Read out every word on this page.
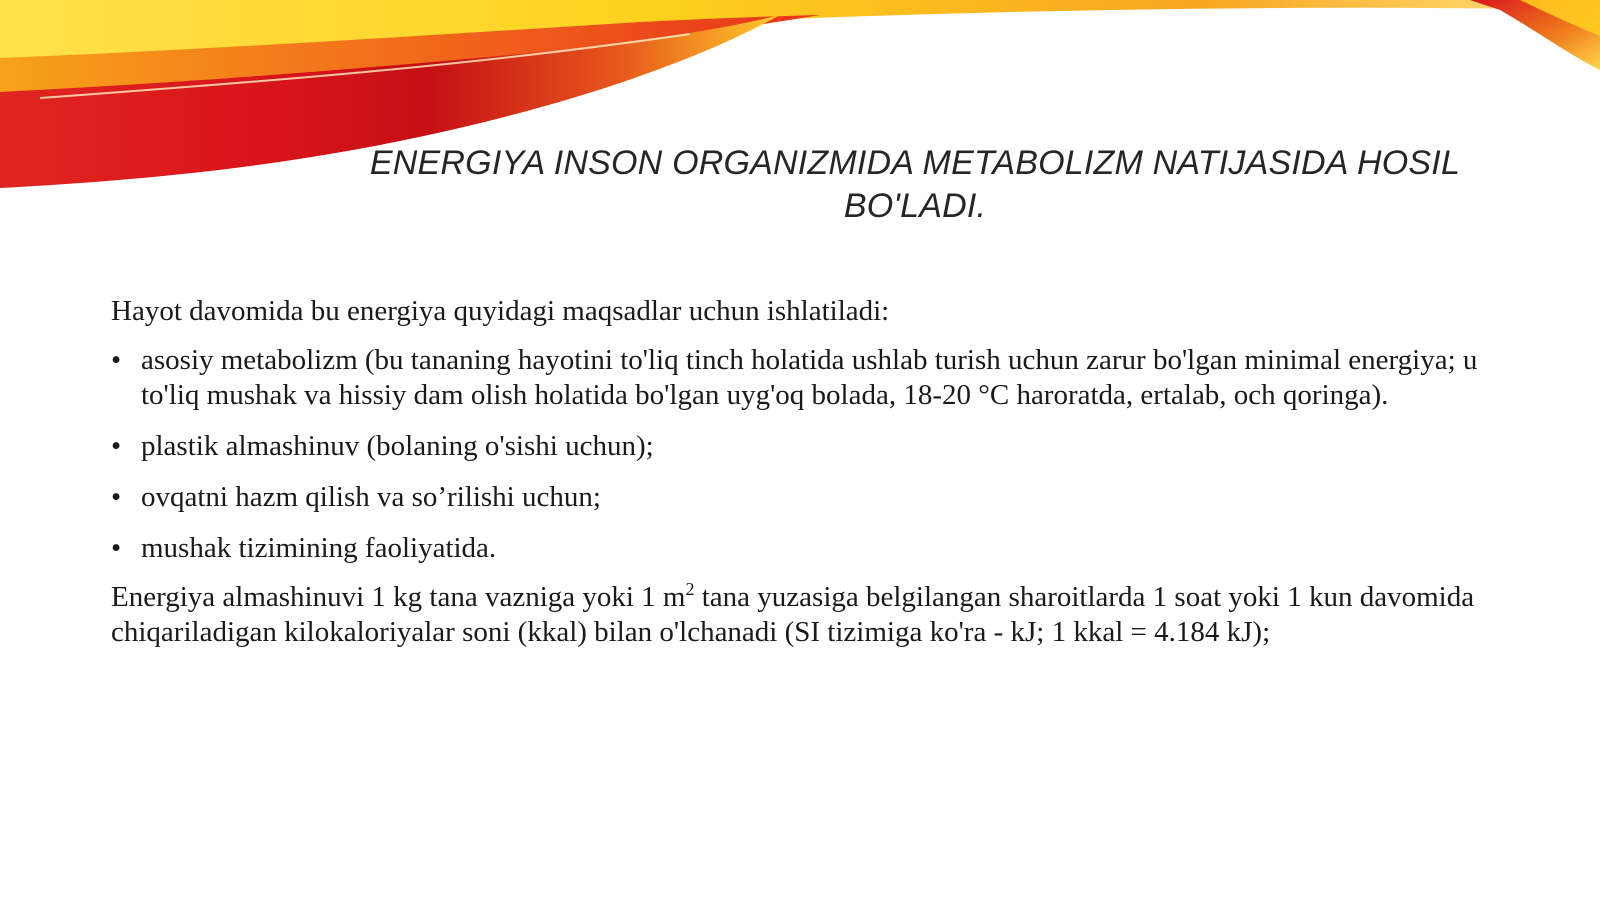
ENERGIYA INSON ORGANIZMIDA METABOLIZM NATIJASIDA HOSIL BO'LADI.

Hayot davomida bu energiya quyidagi maqsadlar uchun ishlatiladi:

• asosiy metabolizm (bu tananing hayotini to'liq tinch holatida ushlab turish uchun zarur bo'lgan minimal energiya; u to'liq mushak va hissiy dam olish holatida bo'lgan uyg'oq bolada, 18-20 °C haroratda, ertalab, och qoringa).
• plastik almashinuv (bolaning o'sishi uchun);
• ovqatni hazm qilish va so’rilishi uchun;
• mushak tizimining faoliyatida.

Energiya almashinuvi 1 kg tana vazniga yoki 1 $m^2$ tana yuzasiga belgilangan sharoitlarda 1 soat yoki 1 kun davomida chiqariladigan kilokaloriyalar soni (kkal) bilan o'lchanadi (SI tizimiga ko'ra - kJ; 1 kkal = 4.184 kJ);
